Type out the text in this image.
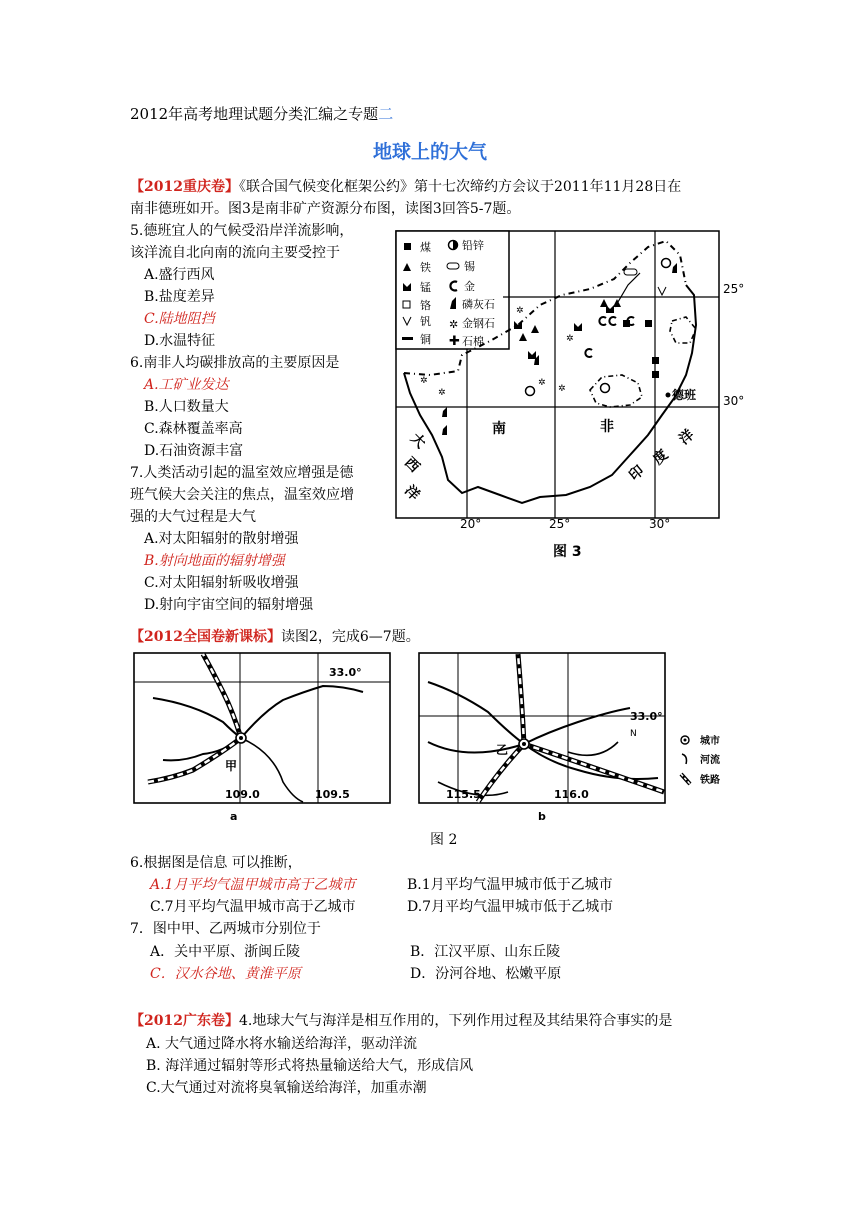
2012年高考地理试题分类汇编之专题二
地球上的大气
【2012重庆卷】《联合国气候变化框架公约》第十七次缔约方会议于2011年11月28日在
南非德班如开。图3是南非矿产资源分布图，读图3回答5-7题。
5.德班宜人的气候受沿岸洋流影响，
该洋流自北向南的流向主要受控于
A.盛行西风
B.盐度差异
C.陆地阻挡
D.水温特征
6.南非人均碳排放高的主要原因是
A.工矿业发达
B.人口数量大
C.森林覆盖率高
D.石油资源丰富
7.人类活动引起的温室效应增强是德
班气候大会关注的焦点，温室效应增
强的大气过程是大气
A.对太阳辐射的散射增强
B.射向地面的辐射增强
C.对太阳辐射斩吸收增强
D.射向宇宙空间的辐射增强
✲
✲
✲
✲
✲
✲
25°
30°
20°	25°	30°
德班
南	非
大
西
洋
印
度
洋
煤
铁
锰
铬
钒
铜
铅锌
锡
金
磷灰石
✲ 金钢石
✚ 石棉
图 3
【2012全国卷新课标】读图2，完成6—7题。
33.0°
甲
109.0	109.5
a
33.0°
N
乙
115.5	116.0
b
城市
河流
铁路
图 2
6.根据图是信息 可以推断，
A.1月平均气温甲城市高于乙城市	B.1月平均气温甲城市低于乙城市
C.7月平均气温甲城市高于乙城市	D.7月平均气温甲城市低于乙城市
7．图中甲、乙两城市分别位于
A．关中平原、浙闽丘陵	B．江汉平原、山东丘陵
C．汉水谷地、黄淮平原	D．汾河谷地、松嫩平原
【2012广东卷】4.地球大气与海洋是相互作用的，下列作用过程及其结果符合事实的是
A. 大气通过降水将水输送给海洋，驱动洋流
B. 海洋通过辐射等形式将热量输送给大气，形成信风
C.大气通过对流将臭氧输送给海洋，加重赤潮
